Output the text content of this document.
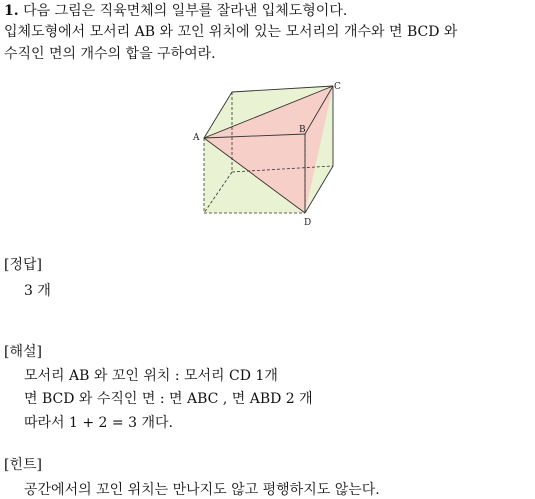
1. 다음 그림은 직육면체의 일부를 잘라낸 입체도형이다.
입체도형에서 모서리 AB 와 꼬인 위치에 있는 모서리의 개수와 면 BCD 와
수직인 면의 개수의 합을 구하여라.
A
B
C
D
[정답]
3 개
[해설]
모서리 AB 와 꼬인 위치 : 모서리 CD 1개
면 BCD 와 수직인 면 : 면 ABC , 면 ABD 2 개
따라서 1 + 2 = 3 개다.
[힌트]
공간에서의 꼬인 위치는 만나지도 않고 평행하지도 않는다.
